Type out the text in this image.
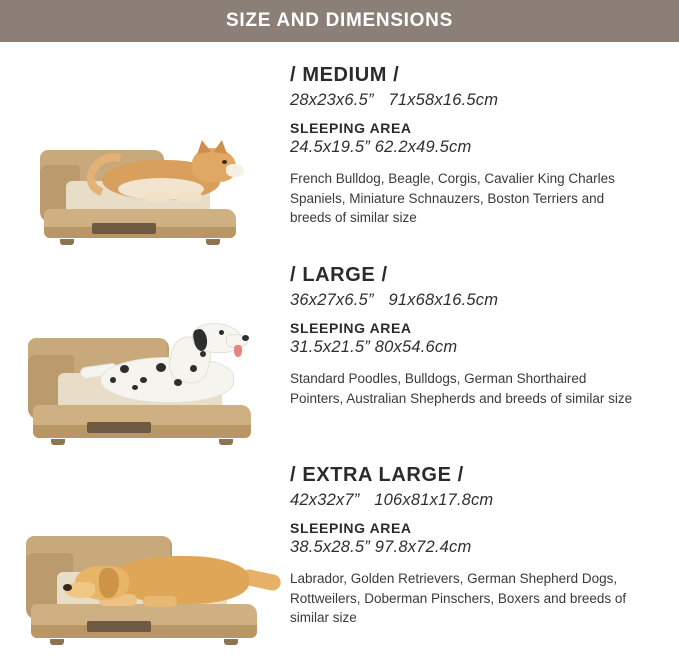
SIZE AND DIMENSIONS

/ MEDIUM /

28x23x6.5” 71x58x16.5cm

SLEEPING AREA

24.5x19.5” 62.2x49.5cm

French Bulldog, Beagle, Corgis, Cavalier King Charles Spaniels, Miniature Schnauzers, Boston Terriers and breeds of similar size

/ LARGE /

36x27x6.5” 91x68x16.5cm

SLEEPING AREA

31.5x21.5” 80x54.6cm

Standard Poodles, Bulldogs, German Shorthaired Pointers, Australian Shepherds and breeds of similar size

/ EXTRA LARGE /

42x32x7” 106x81x17.8cm

SLEEPING AREA

38.5x28.5” 97.8x72.4cm

Labrador, Golden Retrievers, German Shepherd Dogs, Rottweilers, Doberman Pinschers, Boxers and breeds of similar size
